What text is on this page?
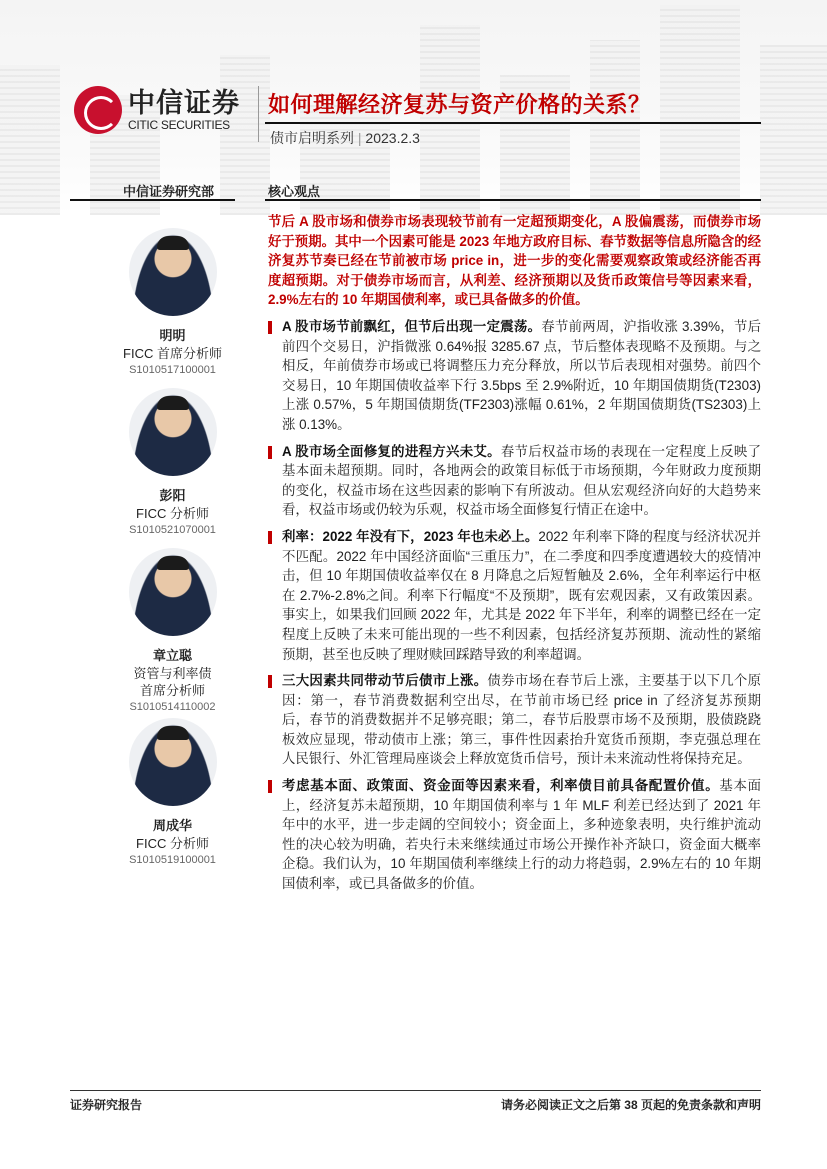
中信证券
CITIC SECURITIES
如何理解经济复苏与资产价格的关系？
债市启明系列 | 2023.2.3
中信证券研究部	核心观点
明明
FICC 首席分析师
S1010517100001
彭阳
FICC 分析师
S1010521070001
章立聪
资管与利率债首席分析师
S1010514110002
周成华
FICC 分析师
S1010519100001
节后 A 股市场和债券市场表现较节前有一定超预期变化，A 股偏震荡，而债券市场好于预期。其中一个因素可能是 2023 年地方政府目标、春节数据等信息所隐含的经济复苏节奏已经在节前被市场 price in，进一步的变化需要观察政策或经济能否再度超预期。对于债券市场而言，从利差、经济预期以及货币政策信号等因素来看，2.9%左右的 10 年期国债利率，或已具备做多的价值。
A 股市场节前飘红，但节后出现一定震荡。春节前两周，沪指收涨 3.39%，节后前四个交易日，沪指微涨 0.64%报 3285.67 点，节后整体表现略不及预期。与之相反，年前债券市场或已将调整压力充分释放，所以节后表现相对强势。前四个交易日，10 年期国债收益率下行 3.5bps 至 2.9%附近，10 年期国债期货(T2303)上涨 0.57%，5 年期国债期货(TF2303)涨幅 0.61%，2 年期国债期货(TS2303)上涨 0.13%。
A 股市场全面修复的进程方兴未艾。春节后权益市场的表现在一定程度上反映了基本面未超预期。同时，各地两会的政策目标低于市场预期，今年财政力度预期的变化，权益市场在这些因素的影响下有所波动。但从宏观经济向好的大趋势来看，权益市场或仍较为乐观，权益市场全面修复行情正在途中。
利率：2022 年没有下，2023 年也未必上。2022 年利率下降的程度与经济状况并不匹配。2022 年中国经济面临“三重压力”，在二季度和四季度遭遇较大的疫情冲击，但 10 年期国债收益率仅在 8 月降息之后短暂触及 2.6%，全年利率运行中枢在 2.7%-2.8%之间。利率下行幅度“不及预期”，既有宏观因素，又有政策因素。事实上，如果我们回顾 2022 年，尤其是 2022 年下半年，利率的调整已经在一定程度上反映了未来可能出现的一些不利因素，包括经济复苏预期、流动性的紧缩预期，甚至也反映了理财赎回踩踏导致的利率超调。
三大因素共同带动节后债市上涨。债券市场在春节后上涨，主要基于以下几个原因：第一，春节消费数据利空出尽，在节前市场已经 price in 了经济复苏预期后，春节的消费数据并不足够亮眼；第二，春节后股票市场不及预期，股债跷跷板效应显现，带动债市上涨；第三，事件性因素抬升宽货币预期，李克强总理在人民银行、外汇管理局座谈会上释放宽货币信号，预计未来流动性将保持充足。
考虑基本面、政策面、资金面等因素来看，利率债目前具备配置价值。基本面上，经济复苏未超预期，10 年期国债利率与 1 年 MLF 利差已经达到了 2021 年年中的水平，进一步走阔的空间较小；资金面上，多种迹象表明，央行维护流动性的决心较为明确，若央行未来继续通过市场公开操作补齐缺口，资金面大概率企稳。我们认为，10 年期国债利率继续上行的动力将趋弱，2.9%左右的 10 年期国债利率，或已具备做多的价值。
证券研究报告	请务必阅读正文之后第 38 页起的免责条款和声明
